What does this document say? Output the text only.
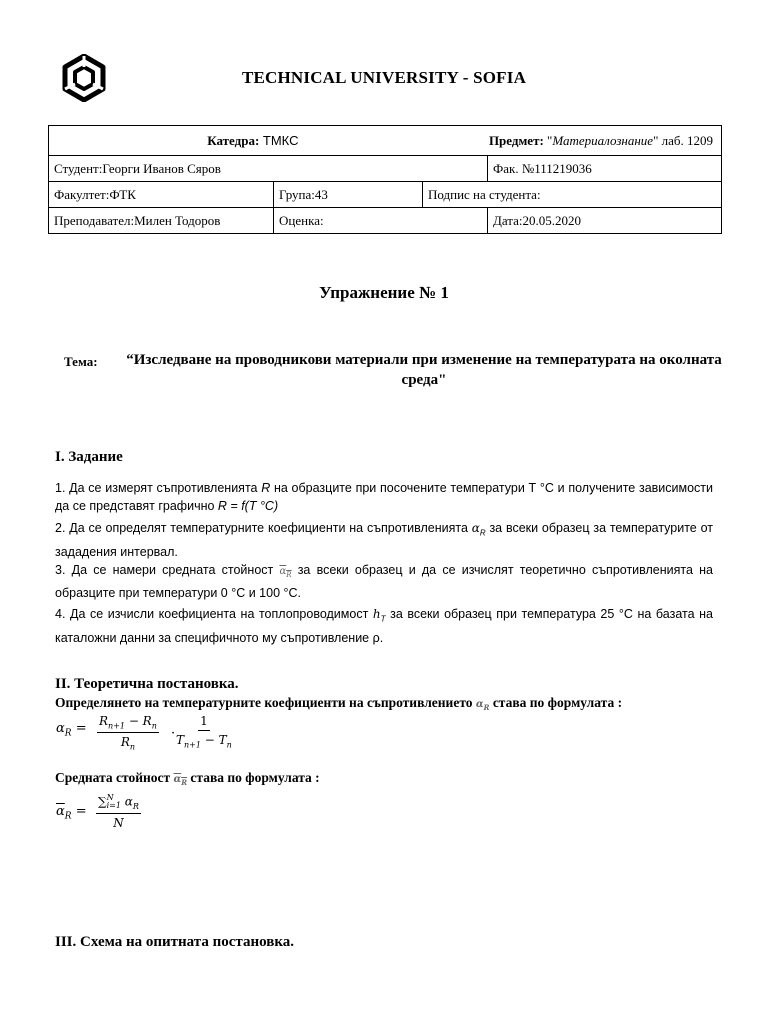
TECHNICAL UNIVERSITY - SOFIA
Катедра: ТМКС Предмет: "Материалознание" лаб. 1209			

Студент:Георги Иванов Сяров			Фак. №111219036
Факултет:ФТК	Група:43	Подпис на студента:	
Преподавател:Милен Тодоров	Оценка:		Дата:20.05.2020
Упражнение № 1
Тема: “Изследване на проводникови материали при изменение на температурата на околната среда"
I. Задание
1. Да се измерят съпротивленията R на образците при посочените температури Т °С и получените зависимости да се представят графично R = f(T °C)
2. Да се определят температурните коефициенти на съпротивленията $\alpha_R$ за всеки образец за температурите от зададения интервал.
3. Да се намери средната стойност $\alpha_R$ за всеки образец и да се изчислят теоретично съпротивленията на образците при температури 0 °С и 100 °С.
4. Да се изчисли коефициента на топлопроводимост $h_T$ за всеки образец при температура 25 °С на базата на каталожни данни за специфичното му съпротивление ρ.
II. Теоретична постановка.
Определянето на температурните коефициенти на съпротивлението $\alpha_R$ става по формулата :
$\alpha_R = \frac{R_{n+1} - R_n}{R_n} \cdot \frac{1}{T_{n+1} - T_n}$
Средната стойност $\alpha_R$ става по формулата :
$\overline{\alpha}_R$ = ∑ N
i=1 $\alpha_R$
N
III. Схема на опитната постановка.
